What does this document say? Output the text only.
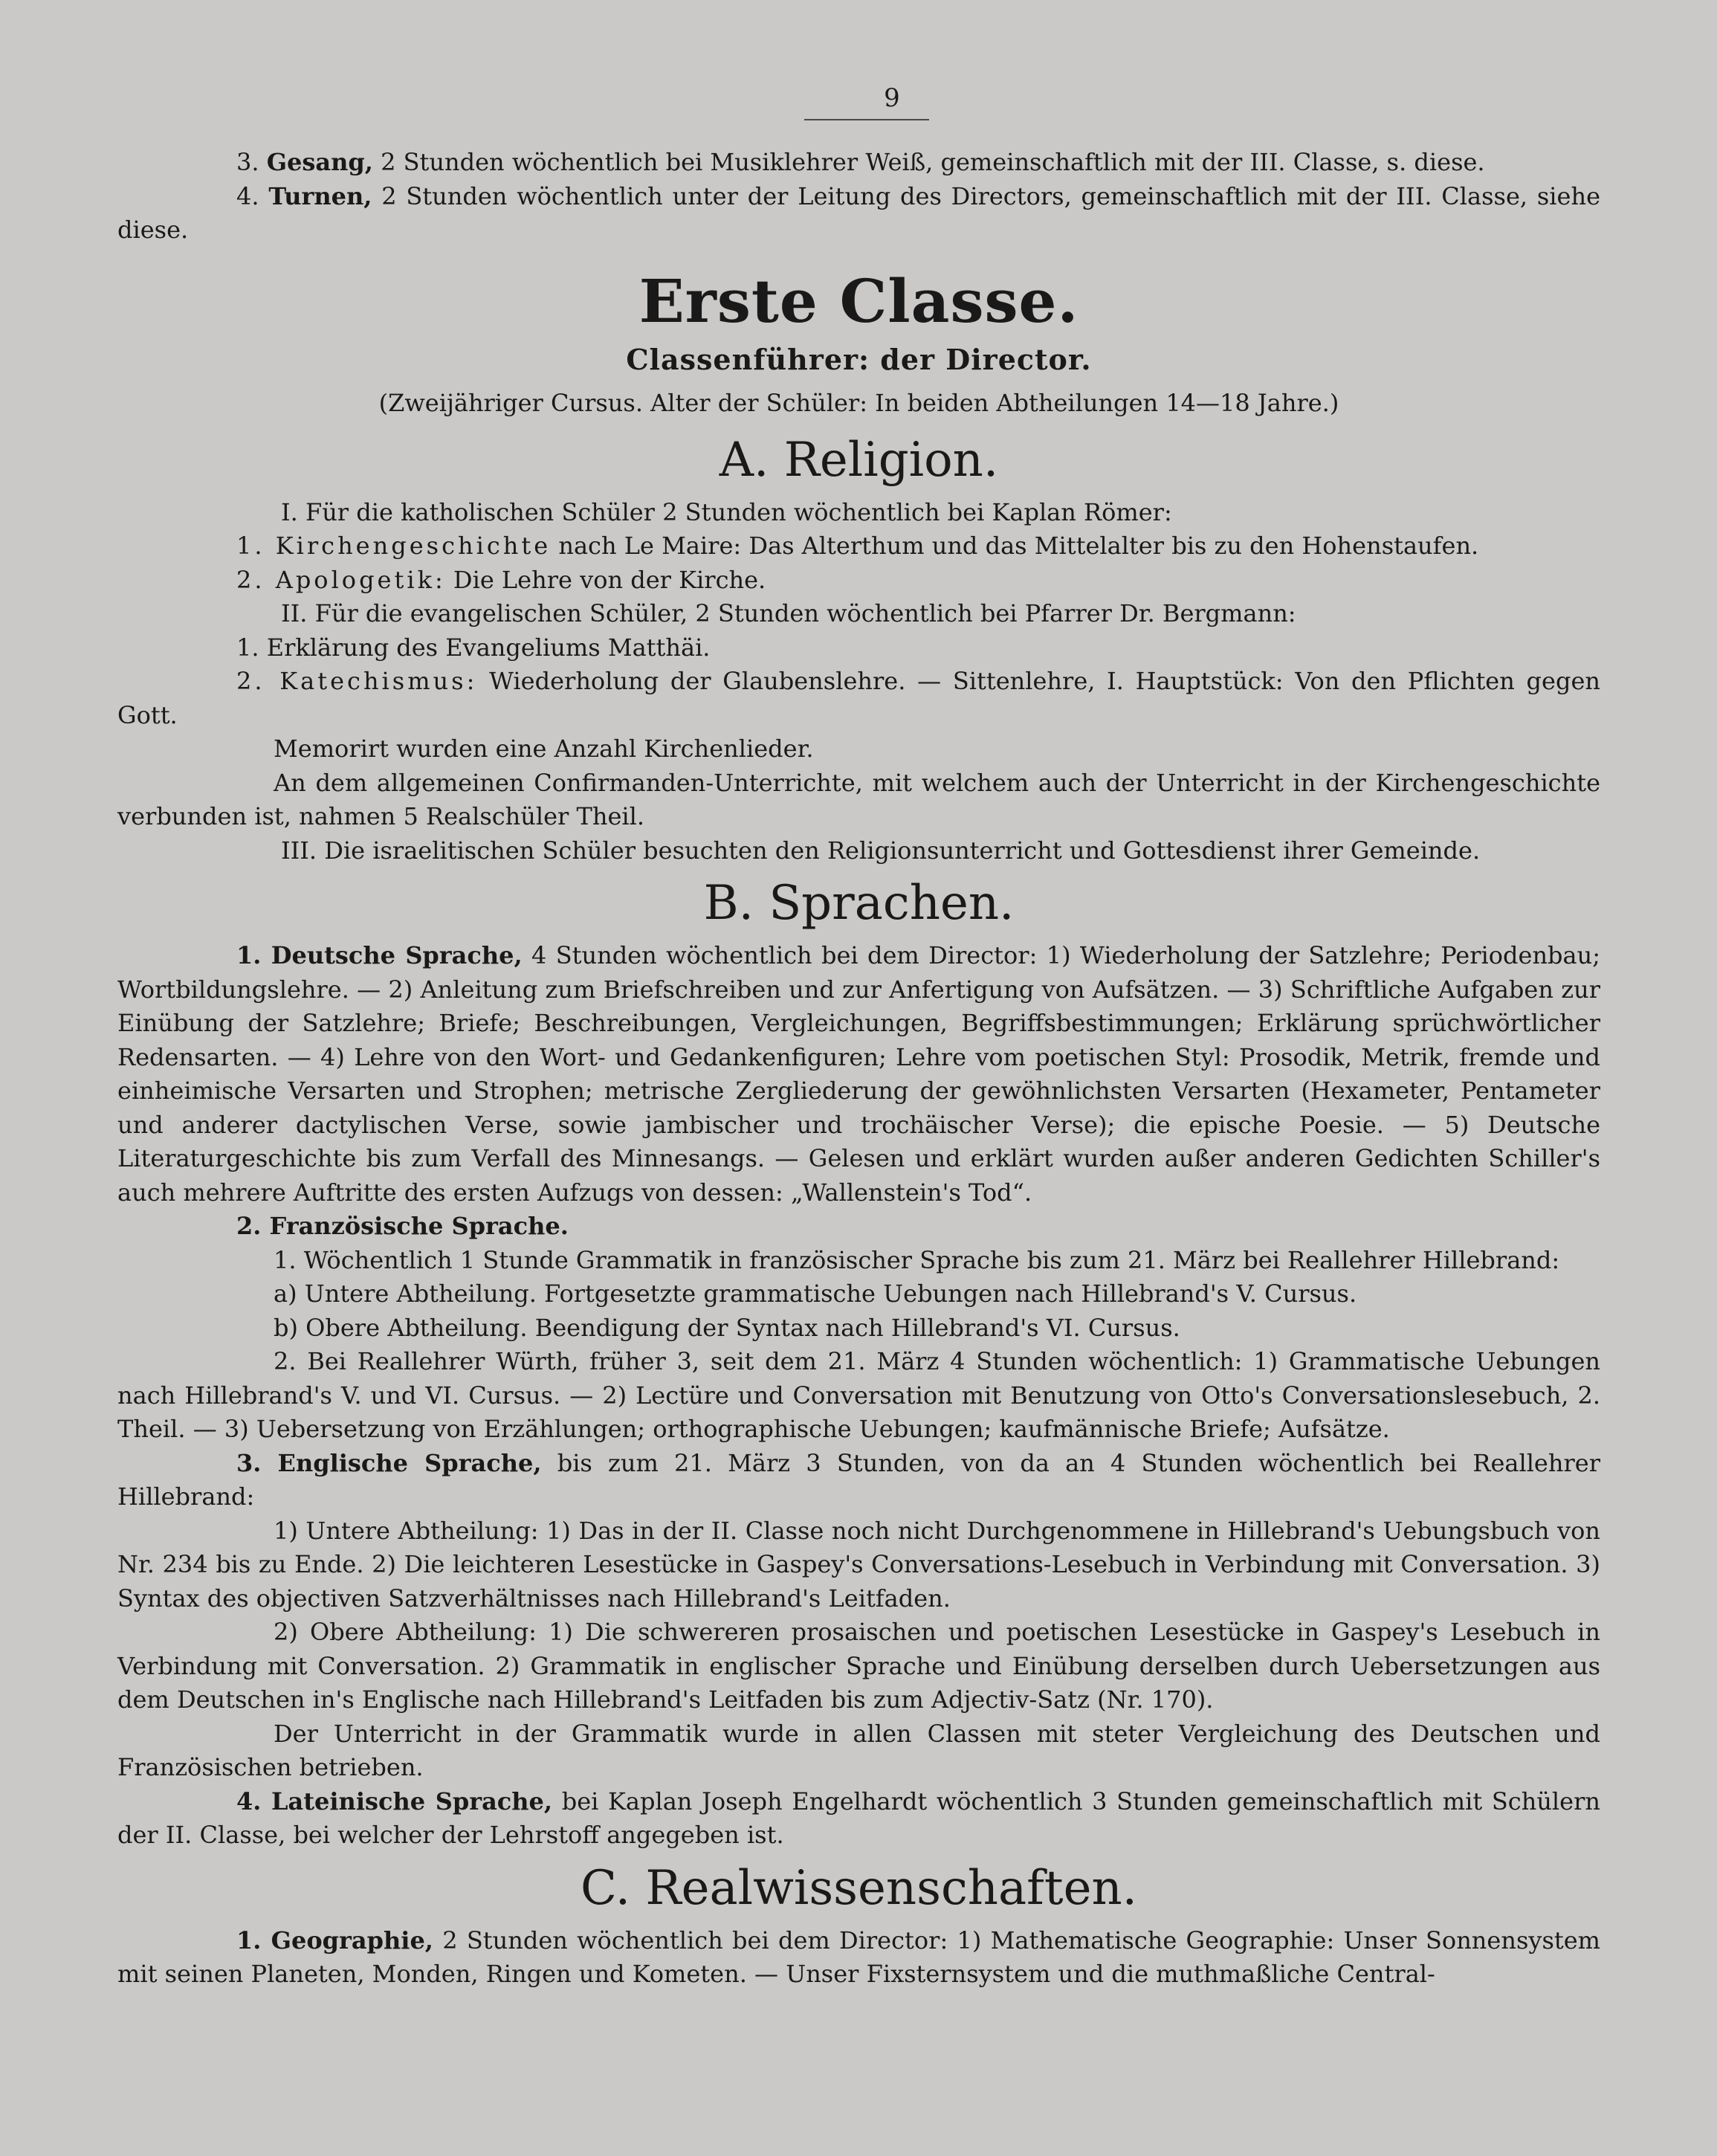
9

3. Gesang, 2 Stunden wöchentlich bei Musiklehrer Weiß, gemeinschaftlich mit der III. Classe, s. diese.

4. Turnen, 2 Stunden wöchentlich unter der Leitung des Directors, gemeinschaftlich mit der III. Classe, siehe diese.

Erste Classe.
Classenführer: der Director.
(Zweijähriger Cursus. Alter der Schüler: In beiden Abtheilungen 14—18 Jahre.)
A. Religion.

I. Für die katholischen Schüler 2 Stunden wöchentlich bei Kaplan Römer:

1. Kirchengeschichte nach Le Maire: Das Alterthum und das Mittelalter bis zu den Hohenstaufen.

2. Apologetik: Die Lehre von der Kirche.

II. Für die evangelischen Schüler, 2 Stunden wöchentlich bei Pfarrer Dr. Bergmann:

1. Erklärung des Evangeliums Matthäi.

2. Katechismus: Wiederholung der Glaubenslehre. — Sittenlehre, I. Hauptstück: Von den Pflichten gegen Gott.

Memorirt wurden eine Anzahl Kirchenlieder.

An dem allgemeinen Confirmanden-Unterrichte, mit welchem auch der Unterricht in der Kirchengeschichte verbunden ist, nahmen 5 Realschüler Theil.

III. Die israelitischen Schüler besuchten den Religionsunterricht und Gottesdienst ihrer Gemeinde.

B. Sprachen.

1. Deutsche Sprache, 4 Stunden wöchentlich bei dem Director: 1) Wiederholung der Satzlehre; Periodenbau; Wortbildungslehre. — 2) Anleitung zum Briefschreiben und zur Anfertigung von Aufsätzen. — 3) Schriftliche Aufgaben zur Einübung der Satzlehre; Briefe; Beschreibungen, Vergleichungen, Begriffsbestimmungen; Erklärung sprüchwörtlicher Redensarten. — 4) Lehre von den Wort- und Gedankenfiguren; Lehre vom poetischen Styl: Prosodik, Metrik, fremde und einheimische Versarten und Strophen; metrische Zergliederung der gewöhnlichsten Versarten (Hexameter, Pentameter und anderer dactylischen Verse, sowie jambischer und trochäischer Verse); die epische Poesie. — 5) Deutsche Literaturgeschichte bis zum Verfall des Minnesangs. — Gelesen und erklärt wurden außer anderen Gedichten Schiller's auch mehrere Auftritte des ersten Aufzugs von dessen: „Wallenstein's Tod“.

2. Französische Sprache.

1. Wöchentlich 1 Stunde Grammatik in französischer Sprache bis zum 21. März bei Reallehrer Hillebrand:

a) Untere Abtheilung. Fortgesetzte grammatische Uebungen nach Hillebrand's V. Cursus.

b) Obere Abtheilung. Beendigung der Syntax nach Hillebrand's VI. Cursus.

2. Bei Reallehrer Würth, früher 3, seit dem 21. März 4 Stunden wöchentlich: 1) Grammatische Uebungen nach Hillebrand's V. und VI. Cursus. — 2) Lectüre und Conversation mit Benutzung von Otto's Conversationslesebuch, 2. Theil. — 3) Uebersetzung von Erzählungen; orthographische Uebungen; kaufmännische Briefe; Aufsätze.

3. Englische Sprache, bis zum 21. März 3 Stunden, von da an 4 Stunden wöchentlich bei Reallehrer Hillebrand:

1) Untere Abtheilung: 1) Das in der II. Classe noch nicht Durchgenommene in Hillebrand's Uebungsbuch von Nr. 234 bis zu Ende. 2) Die leichteren Lesestücke in Gaspey's Conversations-Lesebuch in Verbindung mit Conversation. 3) Syntax des objectiven Satzverhältnisses nach Hillebrand's Leitfaden.

2) Obere Abtheilung: 1) Die schwereren prosaischen und poetischen Lesestücke in Gaspey's Lesebuch in Verbindung mit Conversation. 2) Grammatik in englischer Sprache und Einübung derselben durch Uebersetzungen aus dem Deutschen in's Englische nach Hillebrand's Leitfaden bis zum Adjectiv-Satz (Nr. 170).

Der Unterricht in der Grammatik wurde in allen Classen mit steter Vergleichung des Deutschen und Französischen betrieben.

4. Lateinische Sprache, bei Kaplan Joseph Engelhardt wöchentlich 3 Stunden gemeinschaftlich mit Schülern der II. Classe, bei welcher der Lehrstoff angegeben ist.

C. Realwissenschaften.

1. Geographie, 2 Stunden wöchentlich bei dem Director: 1) Mathematische Geographie: Unser Sonnensystem mit seinen Planeten, Monden, Ringen und Kometen. — Unser Fixsternsystem und die muthmaßliche Central-
